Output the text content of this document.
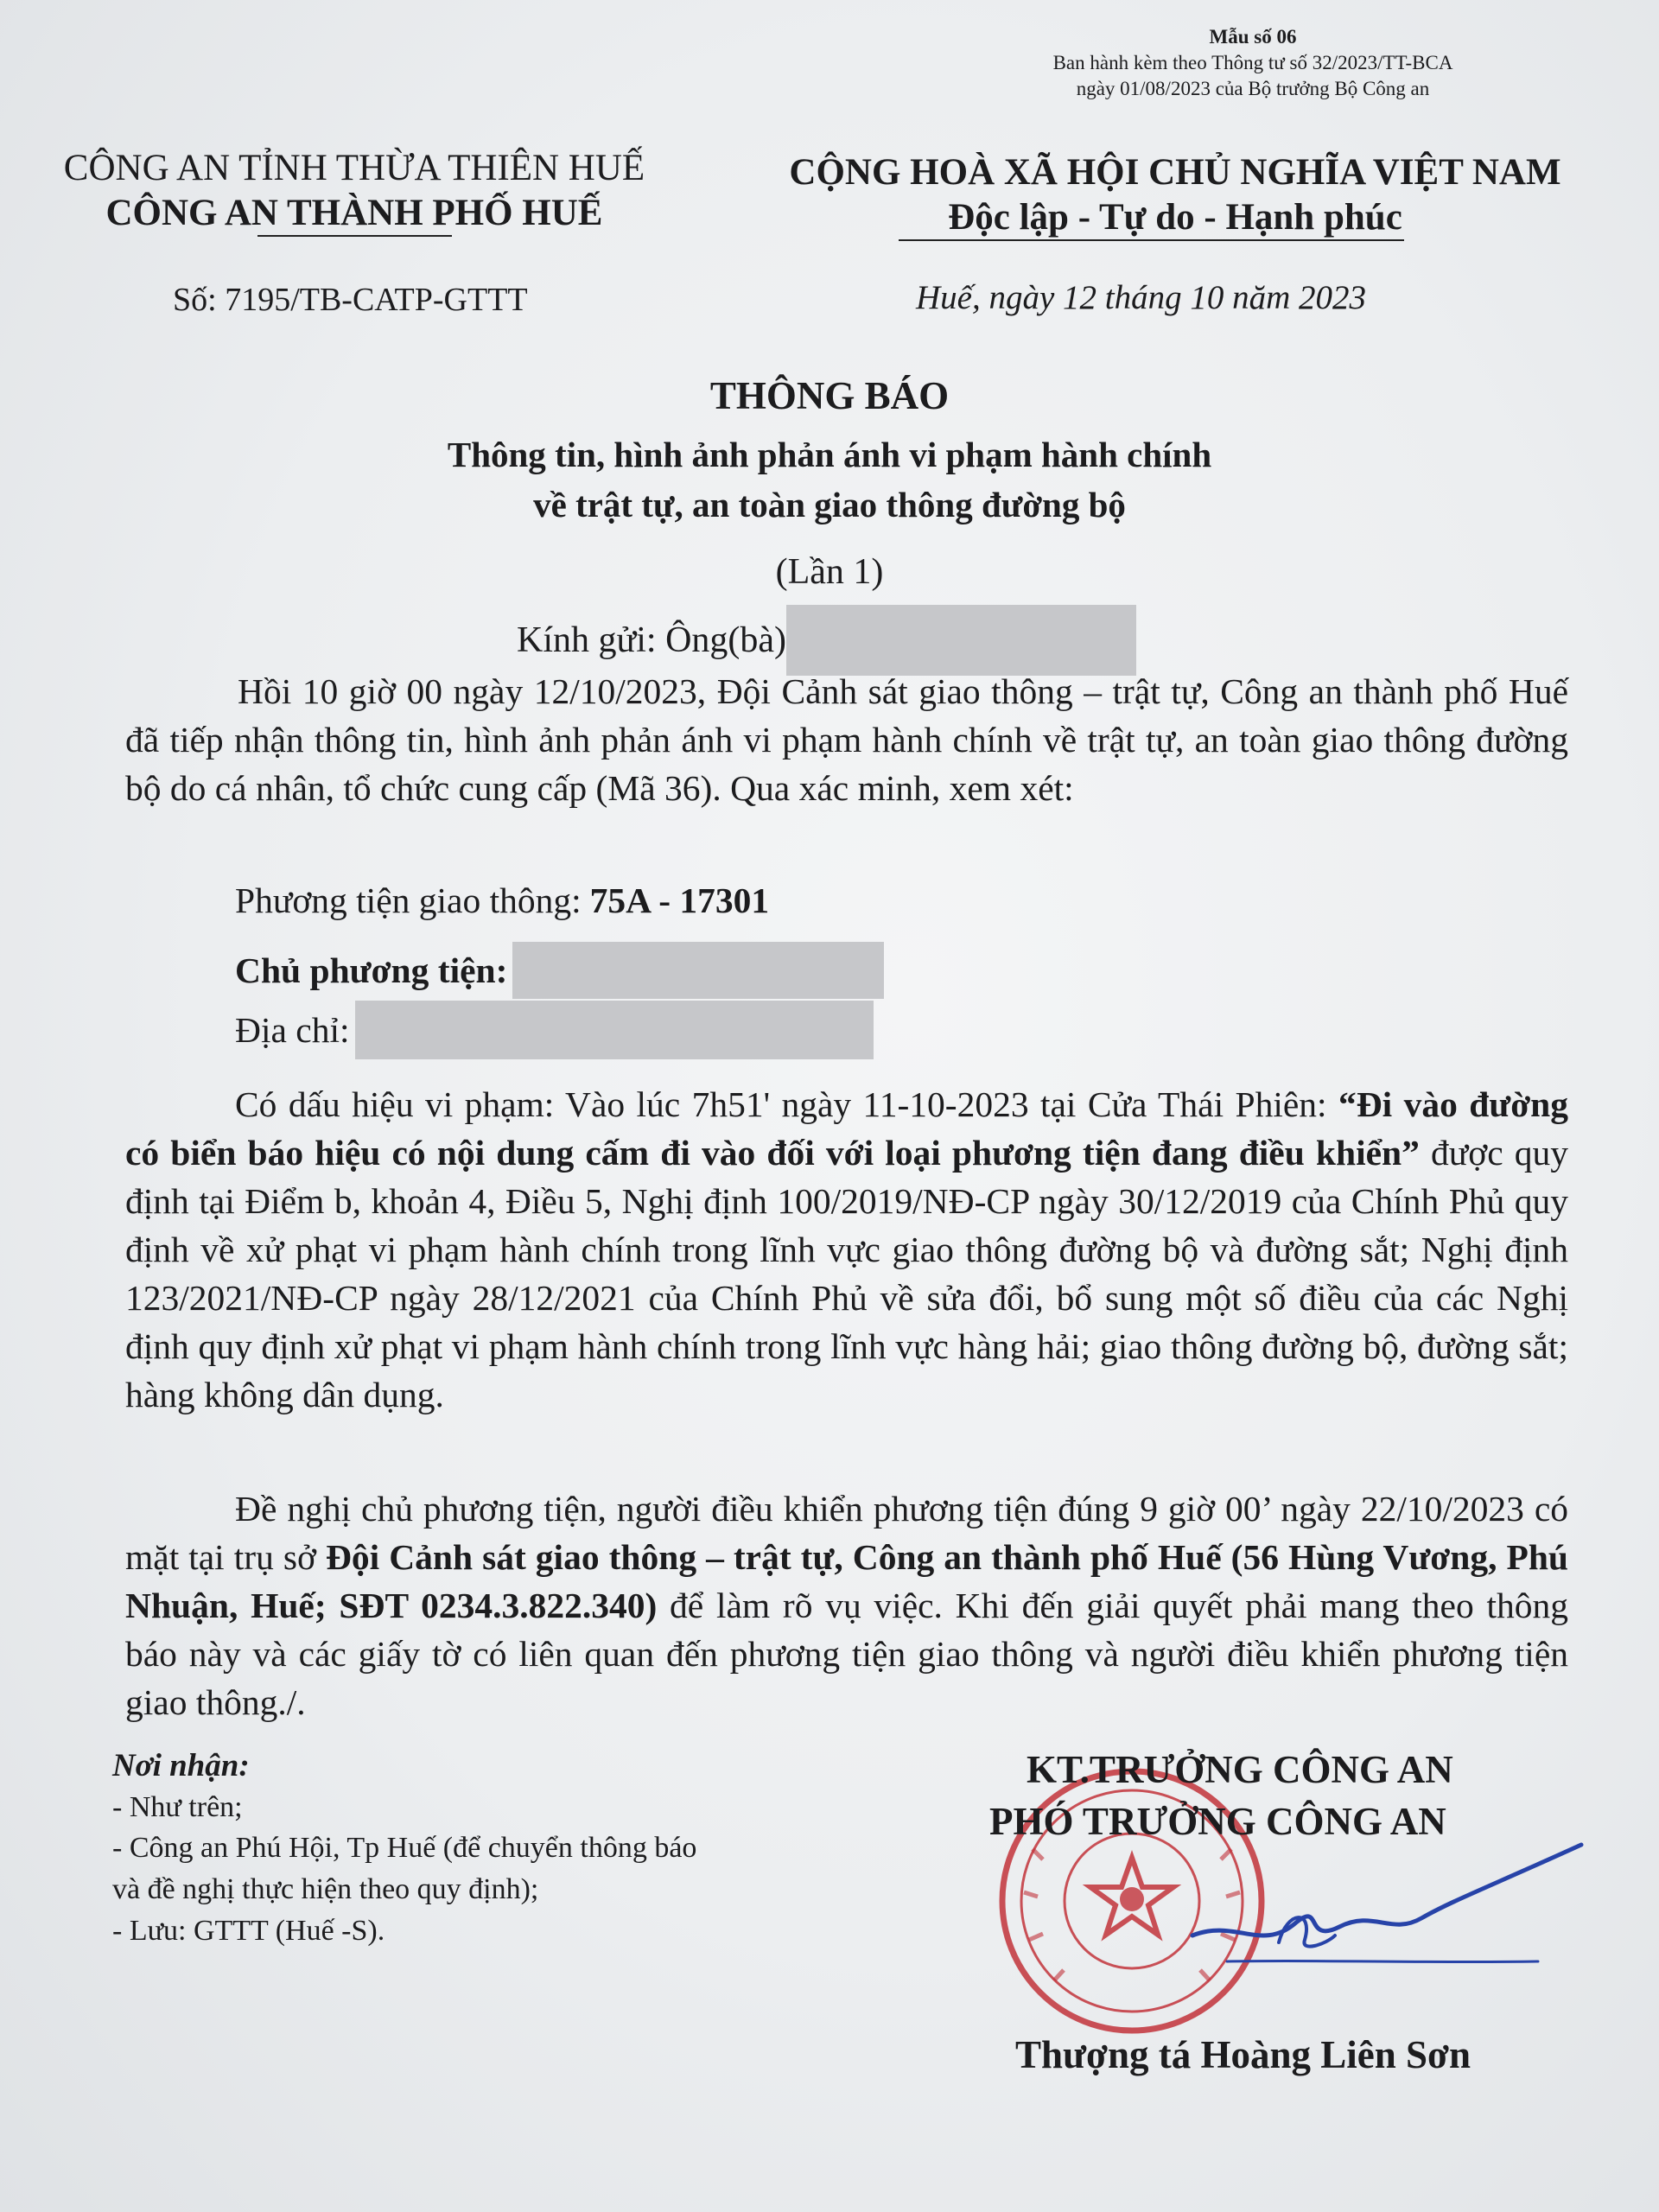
Mẫu số 06
Ban hành kèm theo Thông tư số 32/2023/TT-BCA
ngày 01/08/2023 của Bộ trưởng Bộ Công an
CÔNG AN TỈNH THỪA THIÊN HUẾ
CÔNG AN THÀNH PHỐ HUẾ
CỘNG HOÀ XÃ HỘI CHỦ NGHĨA VIỆT NAM
Độc lập - Tự do - Hạnh phúc
Số: 7195/TB-CATP-GTTT	Huế, ngày 12 tháng 10 năm 2023
THÔNG BÁO
Thông tin, hình ảnh phản ánh vi phạm hành chính
về trật tự, an toàn giao thông đường bộ
(Lần 1)
Kính gửi: Ông(bà)
Hồi 10 giờ 00 ngày 12/10/2023, Đội Cảnh sát giao thông – trật tự, Công an thành phố Huế đã tiếp nhận thông tin, hình ảnh phản ánh vi phạm hành chính về trật tự, an toàn giao thông đường bộ do cá nhân, tổ chức cung cấp (Mã 36). Qua xác minh, xem xét:
Phương tiện giao thông: 75A - 17301
Chủ phương tiện:
Địa chỉ:
Có dấu hiệu vi phạm: Vào lúc 7h51' ngày 11-10-2023 tại Cửa Thái Phiên: “Đi vào đường có biển báo hiệu có nội dung cấm đi vào đối với loại phương tiện đang điều khiển” được quy định tại Điểm b, khoản 4, Điều 5, Nghị định 100/2019/NĐ-CP ngày 30/12/2019 của Chính Phủ quy định về xử phạt vi phạm hành chính trong lĩnh vực giao thông đường bộ và đường sắt; Nghị định 123/2021/NĐ-CP ngày 28/12/2021 của Chính Phủ về sửa đổi, bổ sung một số điều của các Nghị định quy định xử phạt vi phạm hành chính trong lĩnh vực hàng hải; giao thông đường bộ, đường sắt; hàng không dân dụng.
Đề nghị chủ phương tiện, người điều khiển phương tiện đúng 9 giờ 00’ ngày 22/10/2023 có mặt tại trụ sở Đội Cảnh sát giao thông – trật tự, Công an thành phố Huế (56 Hùng Vương, Phú Nhuận, Huế; SĐT 0234.3.822.340) để làm rõ vụ việc. Khi đến giải quyết phải mang theo thông báo này và các giấy tờ có liên quan đến phương tiện giao thông và người điều khiển phương tiện giao thông./.
Nơi nhận:
- Như trên;
- Công an Phú Hội, Tp Huế (để chuyển thông báo
và đề nghị thực hiện theo quy định);
- Lưu: GTTT (Huế -S).
KT.TRƯỞNG CÔNG AN
PHÓ TRƯỞNG CÔNG AN
Thượng tá Hoàng Liên Sơn
